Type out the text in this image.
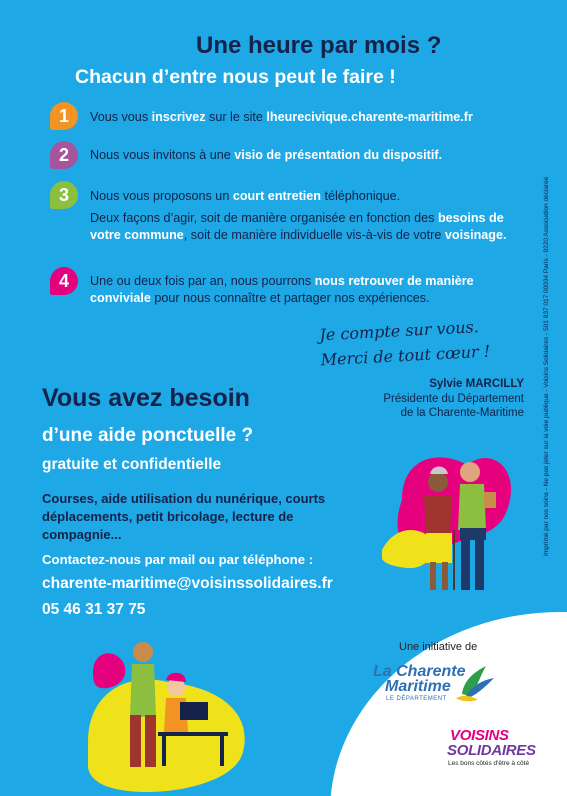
Une heure par mois ?
Chacun d’entre nous peut le faire !
1	Vous vous inscrivez sur le site lheurecivique.charente-maritime.fr
2	Nous vous invitons à une visio de présentation du dispositif.
3	Nous vous proposons un court entretien téléphonique.
Deux façons d’agir, soit de manière organisée en fonction des besoins de votre commune, soit de manière individuelle vis-à-vis de votre voisinage.
4	Une ou deux fois par an, nous pourrons nous retrouver de manière conviviale pour nous connaître et partager nos expériences.
Je compte sur vous.
Merci de tout cœur !
Sylvie MARCILLY
Présidente du Département
de la Charente-Maritime
Vous avez besoin
d’une aide ponctuelle ?
gratuite et confidentielle
Courses, aide utilisation du nunérique, courts déplacements, petit bricolage, lecture de compagnie...
Contactez-nous par mail ou par téléphone :
charente-maritime@voisinssolidaires.fr
05 46 31 37 75
Imprimé par nos soins - Ne pas jeter sur la voie publique - Voisins Solidaires - 501 837 017 00034 Paris - 9220 Association déclarée
Une initiative de
La Charente
Maritime
LE DÉPARTEMENT
VOISINS
SOLIDAIRES
Les bons côtés d'être à côté
